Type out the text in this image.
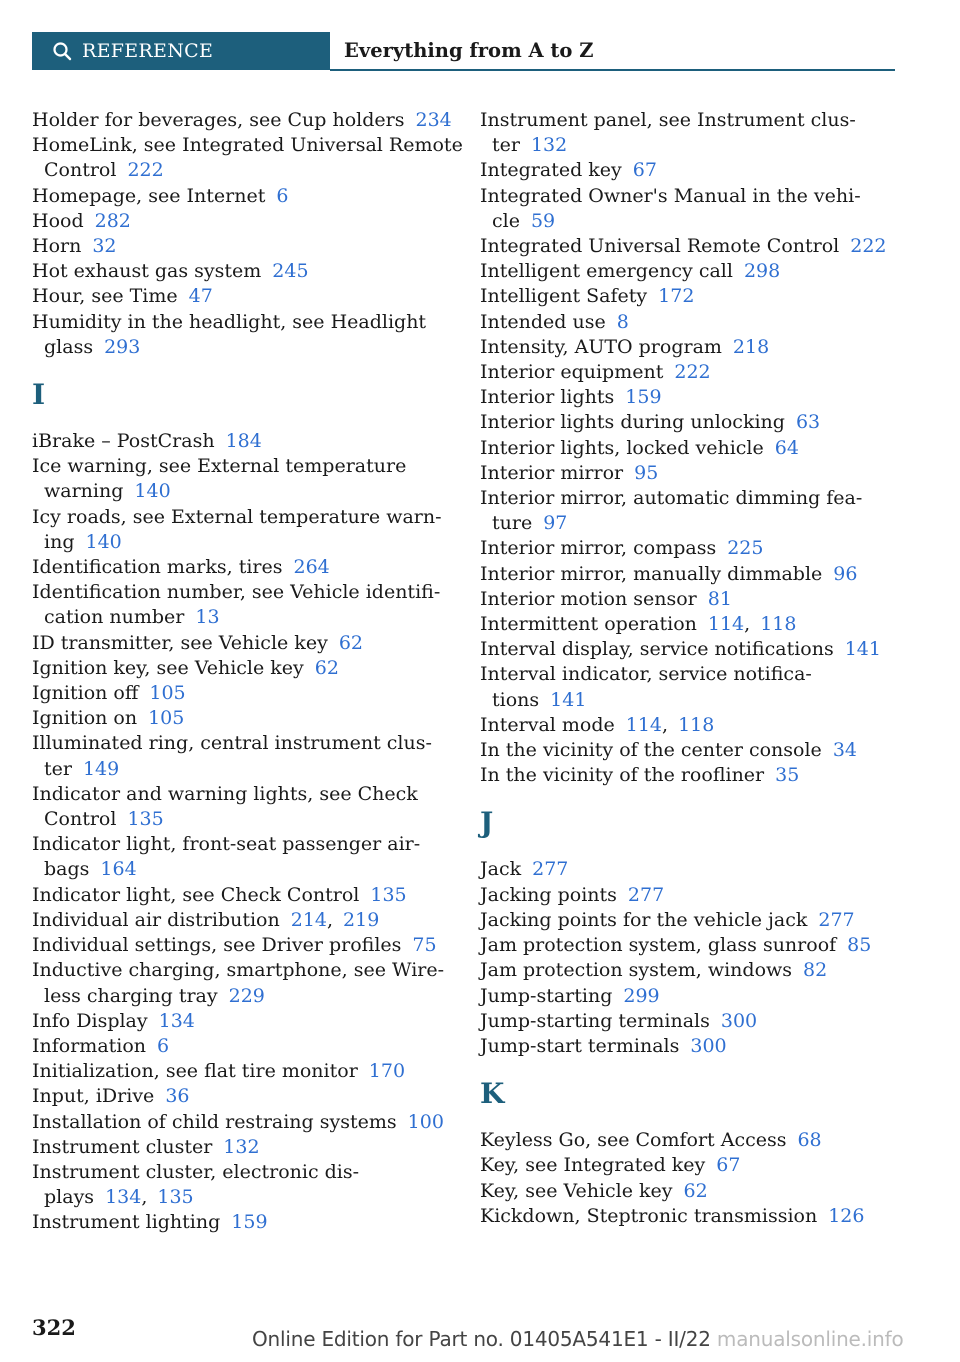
REFERENCE	Everything from A to Z
Holder for beverages, see Cup holders 234
HomeLink, see Integrated Universal Remote
Control 222
Homepage, see Internet 6
Hood 282
Horn 32
Hot exhaust gas system 245
Hour, see Time 47
Humidity in the headlight, see Headlight
glass 293
I
iBrake – PostCrash 184
Ice warning, see External temperature
warning 140
Icy roads, see External temperature warn‐
ing 140
Identification marks, tires 264
Identification number, see Vehicle identifi‐
cation number 13
ID transmitter, see Vehicle key 62
Ignition key, see Vehicle key 62
Ignition off 105
Ignition on 105
Illuminated ring, central instrument clus‐
ter 149
Indicator and warning lights, see Check
Control 135
Indicator light, front-seat passenger air‐
bags 164
Indicator light, see Check Control 135
Individual air distribution 214, 219
Individual settings, see Driver profiles 75
Inductive charging, smartphone, see Wire‐
less charging tray 229
Info Display 134
Information 6
Initialization, see flat tire monitor 170
Input, iDrive 36
Installation of child restraing systems 100
Instrument cluster 132
Instrument cluster, electronic dis‐
plays 134, 135
Instrument lighting 159
Instrument panel, see Instrument clus‐
ter 132
Integrated key 67
Integrated Owner's Manual in the vehi‐
cle 59
Integrated Universal Remote Control 222
Intelligent emergency call 298
Intelligent Safety 172
Intended use 8
Intensity, AUTO program 218
Interior equipment 222
Interior lights 159
Interior lights during unlocking 63
Interior lights, locked vehicle 64
Interior mirror 95
Interior mirror, automatic dimming fea‐
ture 97
Interior mirror, compass 225
Interior mirror, manually dimmable 96
Interior motion sensor 81
Intermittent operation 114, 118
Interval display, service notifications 141
Interval indicator, service notifica‐
tions 141
Interval mode 114, 118
In the vicinity of the center console 34
In the vicinity of the roofliner 35
J
Jack 277
Jacking points 277
Jacking points for the vehicle jack 277
Jam protection system, glass sunroof 85
Jam protection system, windows 82
Jump-starting 299
Jump-starting terminals 300
Jump-start terminals 300
K
Keyless Go, see Comfort Access 68
Key, see Integrated key 67
Key, see Vehicle key 62
Kickdown, Steptronic transmission 126
322	Online Edition for Part no. 01405A541E1 - II/22 manualsonline.info
